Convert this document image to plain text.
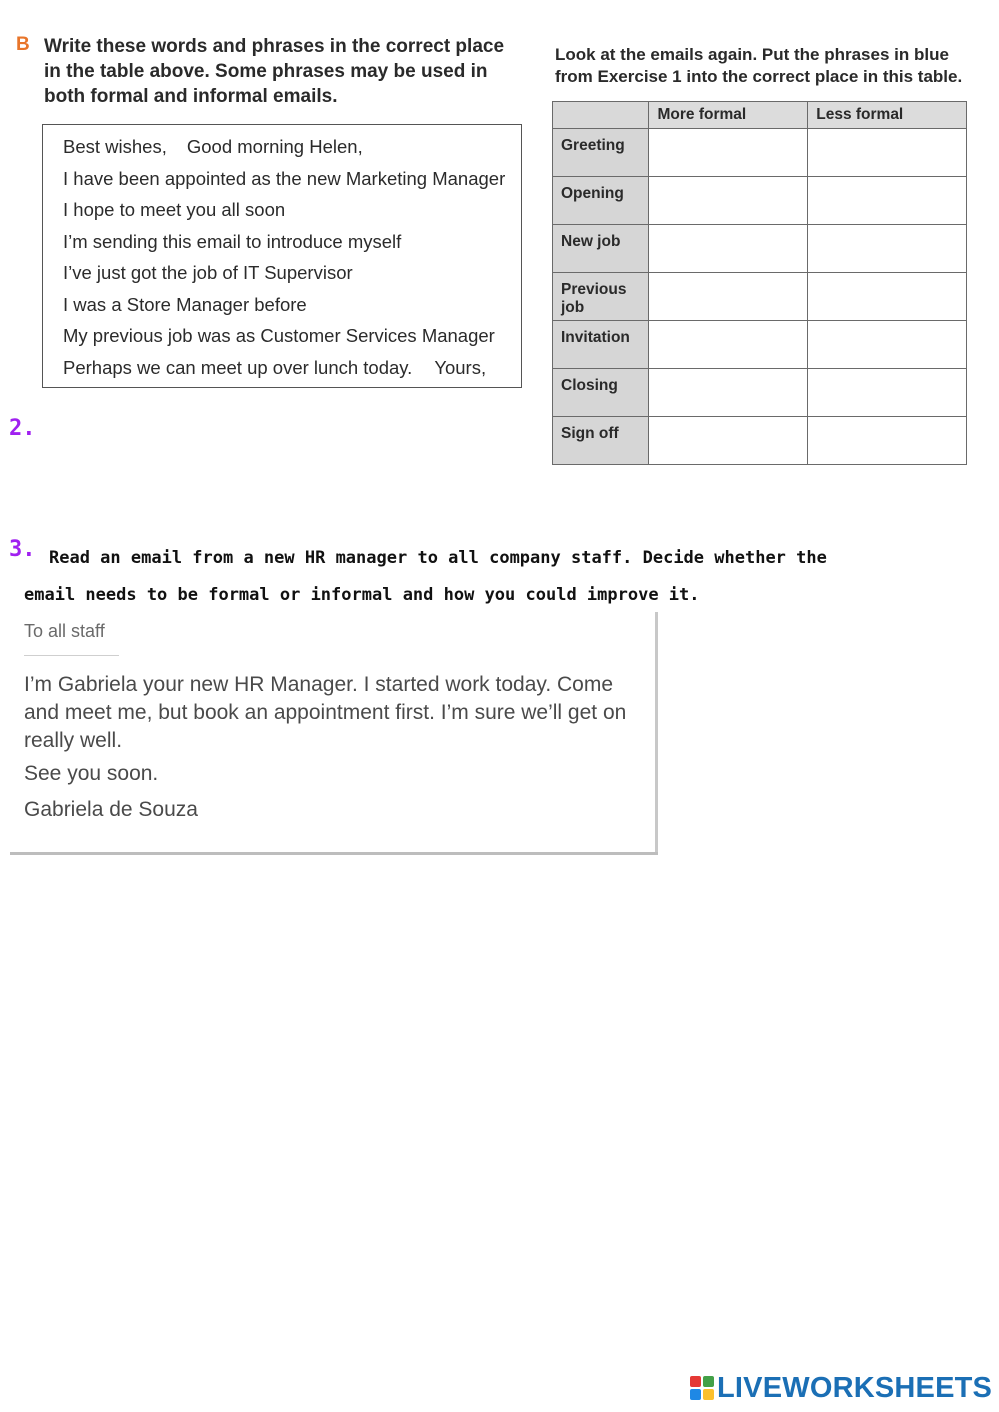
B Write these words and phrases in the correct place in the table above. Some phrases may be used in both formal and informal emails.
Best wishes, Good morning Helen,
I have been appointed as the new Marketing Manager
I hope to meet you all soon
I’m sending this email to introduce myself
I’ve just got the job of IT Supervisor
I was a Store Manager before
My previous job was as Customer Services Manager
Perhaps we can meet up over lunch today. Yours,
Look at the emails again. Put the phrases in blue from Exercise 1 into the correct place in this table.
	More formal	Less formal
Greeting		
Opening		
New job		
Previous job		
Invitation		
Closing		
Sign off		
2.
3. Read an email from a new HR manager to all company staff. Decide whether the
email needs to be formal or informal and how you could improve it.
To all staff
I’m Gabriela your new HR Manager. I started work today. Come and meet me, but book an appointment first. I’m sure we’ll get on really well.
See you soon.
Gabriela de Souza
LIVEWORKSHEETS
